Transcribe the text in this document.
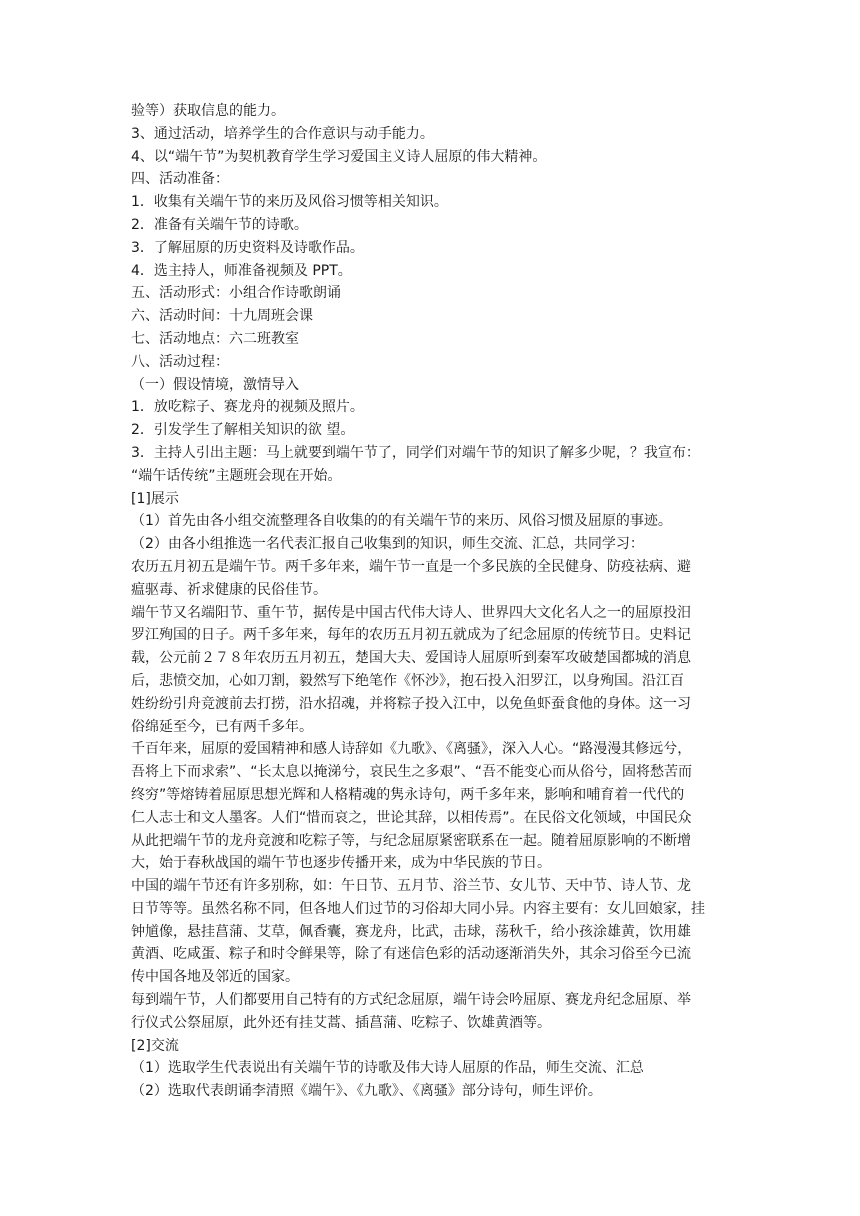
验等）获取信息的能力。

3、通过活动，培养学生的合作意识与动手能力。

4、以“端午节”为契机教育学生学习爱国主义诗人屈原的伟大精神。

四、活动准备：

1．收集有关端午节的来历及风俗习惯等相关知识。

2．准备有关端午节的诗歌。

3．了解屈原的历史资料及诗歌作品。

4．选主持人，师准备视频及 PPT。

五、活动形式：小组合作诗歌朗诵

六、活动时间：十九周班会课

七、活动地点：六二班教室

八、活动过程：

（一）假设情境，激情导入

1．放吃粽子、赛龙舟的视频及照片。

2．引发学生了解相关知识的欲 望。

3．主持人引出主题：马上就要到端午节了，同学们对端午节的知识了解多少呢，？我宣布：

“端午话传统”主题班会现在开始。

[1]展示

（1）首先由各小组交流整理各自收集的的有关端午节的来历、风俗习惯及屈原的事迹。

（2）由各小组推选一名代表汇报自己收集到的知识，师生交流、汇总，共同学习：

农历五月初五是端午节。两千多年来，端午节一直是一个多民族的全民健身、防疫祛病、避

瘟驱毒、祈求健康的民俗佳节。

端午节又名端阳节、重午节，据传是中国古代伟大诗人、世界四大文化名人之一的屈原投汨

罗江殉国的日子。两千多年来，每年的农历五月初五就成为了纪念屈原的传统节日。史料记

载，公元前２７８年农历五月初五，楚国大夫、爱国诗人屈原听到秦军攻破楚国都城的消息

后，悲愤交加，心如刀割，毅然写下绝笔作《怀沙》，抱石投入汨罗江，以身殉国。沿江百

姓纷纷引舟竞渡前去打捞，沿水招魂，并将粽子投入江中，以免鱼虾蚕食他的身体。这一习

俗绵延至今，已有两千多年。

千百年来，屈原的爱国精神和感人诗辞如《九歌》、《离骚》，深入人心。“路漫漫其修远兮，

吾将上下而求索”、“长太息以掩涕兮，哀民生之多艰”、“吾不能变心而从俗兮，固将愁苦而

终穷”等熔铸着屈原思想光辉和人格精魂的隽永诗句，两千多年来，影响和哺育着一代代的

仁人志士和文人墨客。人们“惜而哀之，世论其辞，以相传焉”。在民俗文化领域，中国民众

从此把端午节的龙舟竞渡和吃粽子等，与纪念屈原紧密联系在一起。随着屈原影响的不断增

大，始于春秋战国的端午节也逐步传播开来，成为中华民族的节日。

中国的端午节还有许多别称，如：午日节、五月节、浴兰节、女儿节、天中节、诗人节、龙

日节等等。虽然名称不同，但各地人们过节的习俗却大同小异。内容主要有：女儿回娘家，挂

钟馗像，悬挂菖蒲、艾草，佩香囊，赛龙舟，比武，击球，荡秋千，给小孩涂雄黄，饮用雄

黄酒、吃咸蛋、粽子和时令鲜果等，除了有迷信色彩的活动逐渐消失外，其余习俗至今已流

传中国各地及邻近的国家。

每到端午节，人们都要用自己特有的方式纪念屈原，端午诗会吟屈原、赛龙舟纪念屈原、举

行仪式公祭屈原，此外还有挂艾蒿、插菖蒲、吃粽子、饮雄黄酒等。

[2]交流

（1）选取学生代表说出有关端午节的诗歌及伟大诗人屈原的作品，师生交流、汇总

（2）选取代表朗诵李清照《端午》、《九歌》、《离骚》部分诗句，师生评价。
